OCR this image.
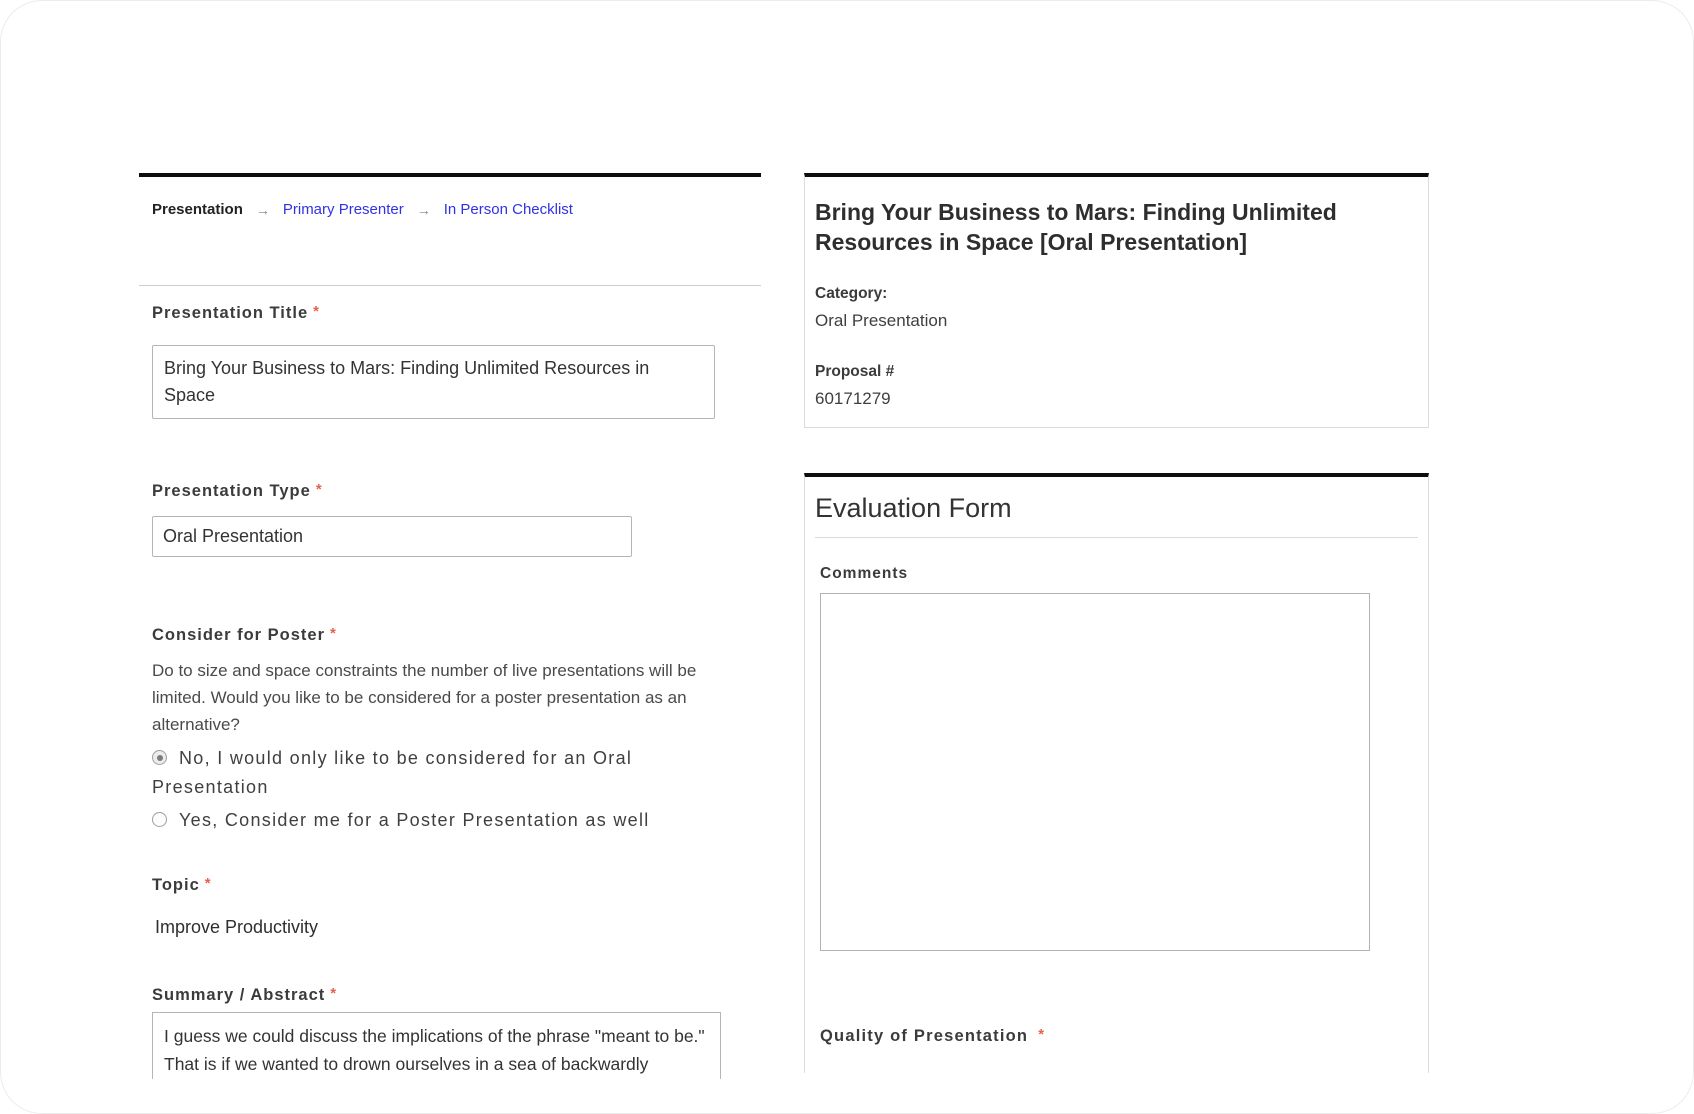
Presentation → Primary Presenter → In Person Checklist
Presentation Title *
Bring Your Business to Mars: Finding Unlimited Resources in Space
Presentation Type *
Oral Presentation
Consider for Poster *
Do to size and space constraints the number of live presentations will be limited. Would you like to be considered for a poster presentation as an alternative?
No, I would only like to be considered for an Oral Presentation
Yes, Consider me for a Poster Presentation as well
Topic *
Improve Productivity
Summary / Abstract *
I guess we could discuss the implications of the phrase "meant to be." That is if we wanted to drown ourselves in a sea of backwardly
Bring Your Business to Mars: Finding Unlimited Resources in Space [Oral Presentation]
Category:
Oral Presentation
Proposal #
60171279
Evaluation Form
Comments
Quality of Presentation *
